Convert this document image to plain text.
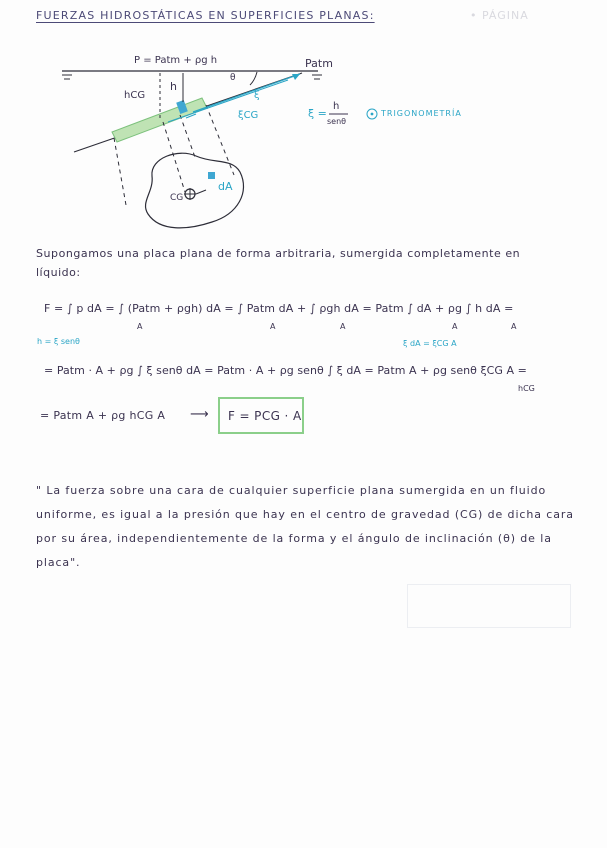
FUERZAS HIDROSTÁTICAS EN SUPERFICIES PLANAS:	• PÁGINA
P = Patm + ρg h	Patm
hCG
h
θ
ξ
ξCG
CG
dA
ξ =
h
senθ
TRIGONOMETRÍA
Supongamos una placa plana de forma arbitraria, sumergida completamente en
líquido:
F = ∫ p dA = ∫ (Patm + ρgh) dA = ∫ Patm dA + ∫ ρgh dA = Patm ∫ dA + ρg ∫ h dA =
A	A	A	A	A
h = ξ senθ	ξ dA = ξCG A
= Patm · A + ρg ∫ ξ senθ dA = Patm · A + ρg senθ ∫ ξ dA = Patm A + ρg senθ ξCG A =
hCG
= Patm A + ρg hCG A ⟶ F = PCG · A
" La fuerza sobre una cara de cualquier superficie plana sumergida en un fluido uniforme, es igual a la presión que hay en el centro de gravedad (CG) de dicha cara por su área, independientemente de la forma y el ángulo de inclinación (θ) de la placa".
